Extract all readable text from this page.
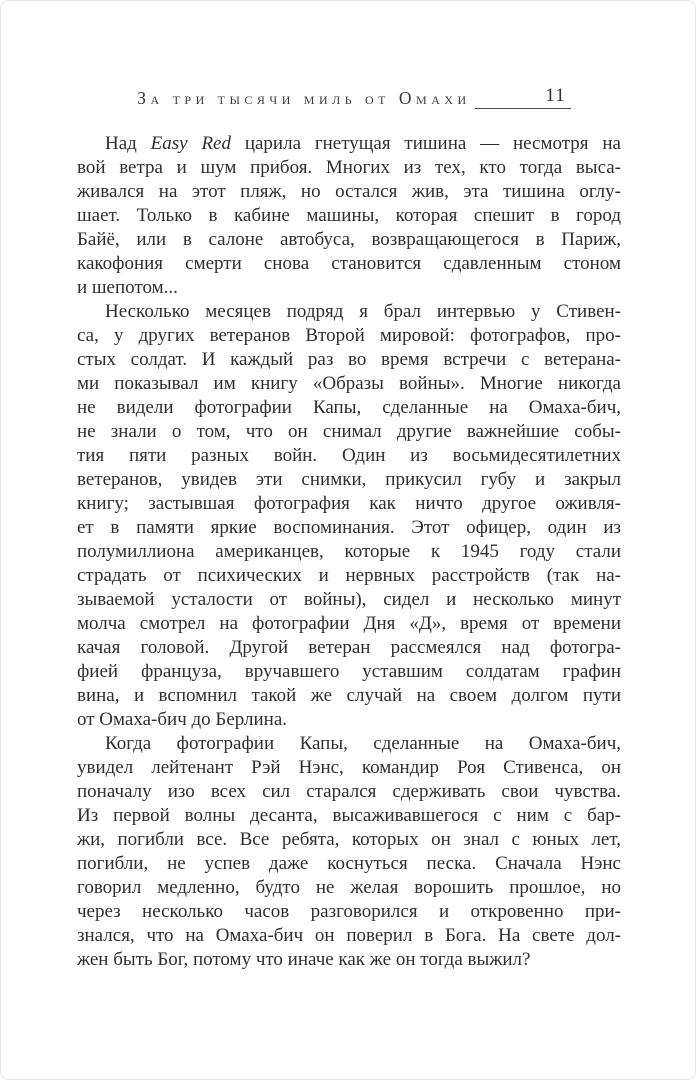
За три тысячи миль от Омахи	11

Над Easy Red царила гнетущая тишина — несмотря на
вой ветра и шум прибоя. Многих из тех, кто тогда выса-
живался на этот пляж, но остался жив, эта тишина оглу-
шает. Только в кабине машины, которая спешит в город
Байё, или в салоне автобуса, возвращающегося в Париж,
какофония смерти снова становится сдавленным стоном
и шепотом...

Несколько месяцев подряд я брал интервью у Стивен-
са, у других ветеранов Второй мировой: фотографов, про-
стых солдат. И каждый раз во время встречи с ветерана-
ми показывал им книгу «Образы войны». Многие никогда
не видели фотографии Капы, сделанные на Омаха-бич,
не знали о том, что он снимал другие важнейшие собы-
тия пяти разных войн. Один из восьмидесятилетних
ветеранов, увидев эти снимки, прикусил губу и закрыл
книгу; застывшая фотография как ничто другое оживля-
ет в памяти яркие воспоминания. Этот офицер, один из
полумиллиона американцев, которые к 1945 году стали
страдать от психических и нервных расстройств (так на-
зываемой усталости от войны), сидел и несколько минут
молча смотрел на фотографии Дня «Д», время от времени
качая головой. Другой ветеран рассмеялся над фотогра-
фией француза, вручавшего уставшим солдатам графин
вина, и вспомнил такой же случай на своем долгом пути
от Омаха-бич до Берлина.

Когда фотографии Капы, сделанные на Омаха-бич,
увидел лейтенант Рэй Нэнс, командир Роя Стивенса, он
поначалу изо всех сил старался сдерживать свои чувства.
Из первой волны десанта, высаживавшегося с ним с бар-
жи, погибли все. Все ребята, которых он знал с юных лет,
погибли, не успев даже коснуться песка. Сначала Нэнс
говорил медленно, будто не желая ворошить прошлое, но
через несколько часов разговорился и откровенно при-
знался, что на Омаха-бич он поверил в Бога. На свете дол-
жен быть Бог, потому что иначе как же он тогда выжил?
